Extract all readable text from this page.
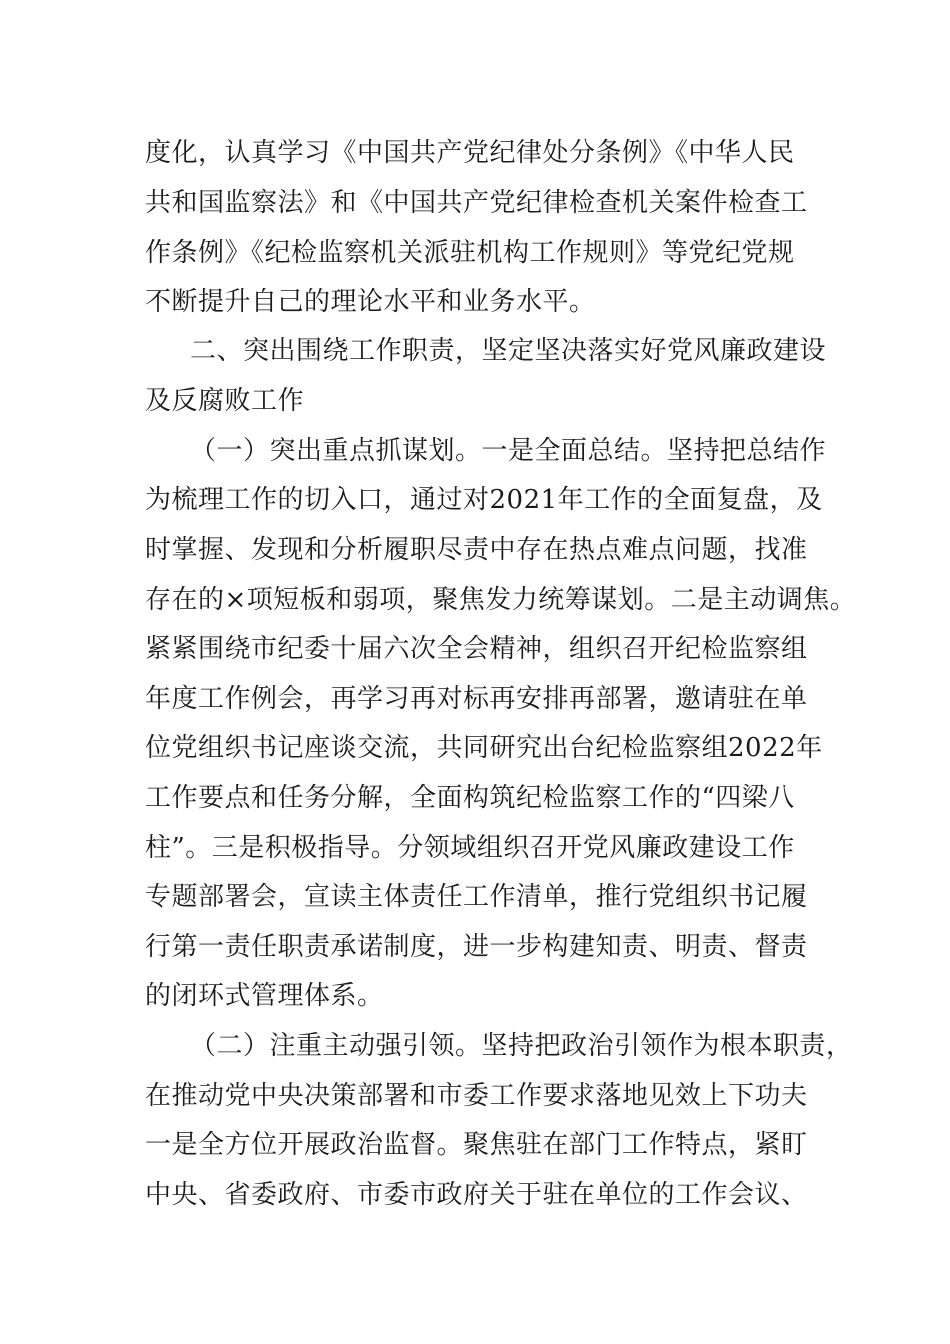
度化，认真学习《中国共产党纪律处分条例》《中华人民
共和国监察法》和《中国共产党纪律检查机关案件检查工
作条例》《纪检监察机关派驻机构工作规则》等党纪党规
不断提升自己的理论水平和业务水平。
二、突出围绕工作职责，坚定坚决落实好党风廉政建设
及反腐败工作
（一）突出重点抓谋划。一是全面总结。坚持把总结作
为梳理工作的切入口，通过对2021年工作的全面复盘，及
时掌握、发现和分析履职尽责中存在热点难点问题，找准
存在的×项短板和弱项，聚焦发力统筹谋划。二是主动调焦。
紧紧围绕市纪委十届六次全会精神，组织召开纪检监察组
年度工作例会，再学习再对标再安排再部署，邀请驻在单
位党组织书记座谈交流，共同研究出台纪检监察组2022年
工作要点和任务分解，全面构筑纪检监察工作的“四梁八
柱”。三是积极指导。分领域组织召开党风廉政建设工作
专题部署会，宣读主体责任工作清单，推行党组织书记履
行第一责任职责承诺制度，进一步构建知责、明责、督责
的闭环式管理体系。
（二）注重主动强引领。坚持把政治引领作为根本职责，
在推动党中央决策部署和市委工作要求落地见效上下功夫
一是全方位开展政治监督。聚焦驻在部门工作特点，紧盯
中央、省委政府、市委市政府关于驻在单位的工作会议、
